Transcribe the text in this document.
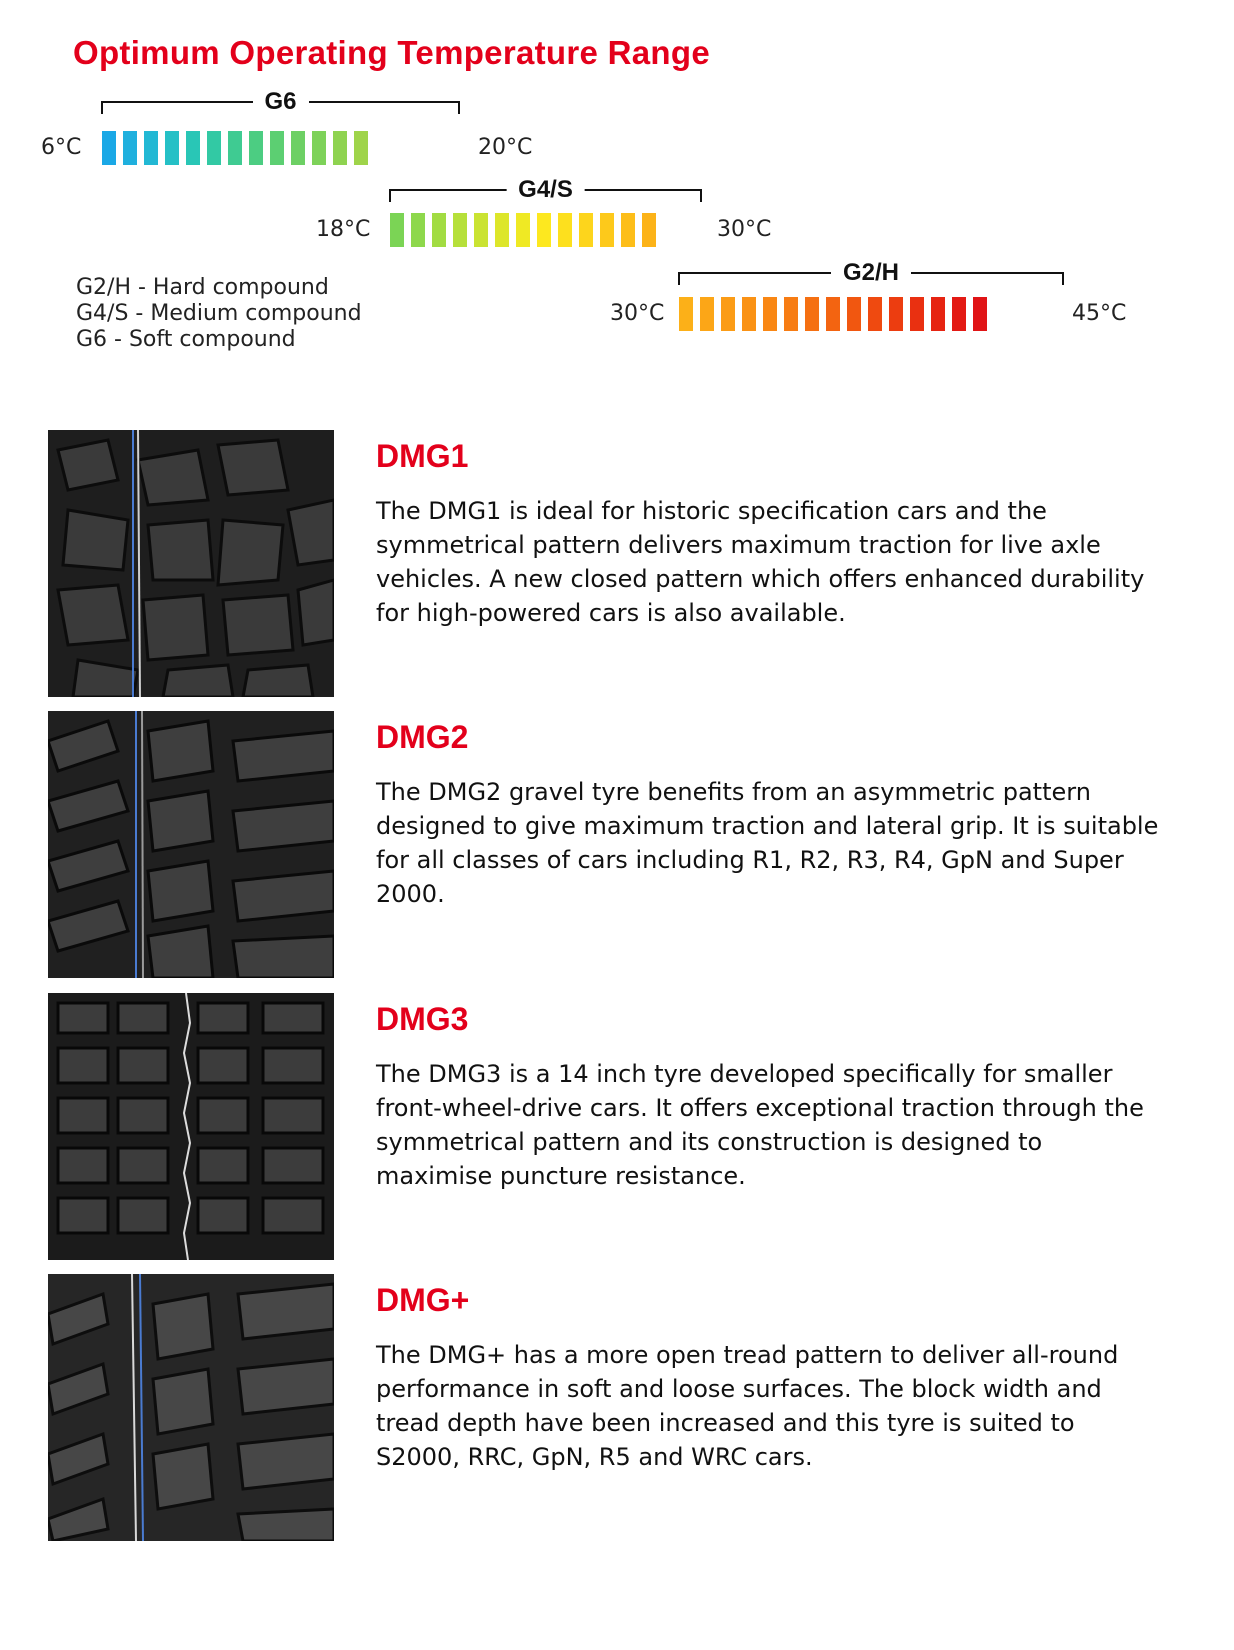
Optimum Operating Temperature Range
G6
6°C	20°C
G4/S
18°C	30°C
G2/H
30°C	45°C
G2/H - Hard compound
G4/S - Medium compound
G6 - Soft compound
DMG1

The DMG1 is ideal for historic specification cars and the symmetrical pattern delivers maximum traction for live axle vehicles. A new closed pattern which offers enhanced durability for high-powered cars is also available.

DMG2

The DMG2 gravel tyre benefits from an asymmetric pattern designed to give maximum traction and lateral grip. It is suitable for all classes of cars including R1, R2, R3, R4, GpN and Super 2000.

DMG3

The DMG3 is a 14 inch tyre developed specifically for smaller front-wheel-drive cars. It offers exceptional traction through the symmetrical pattern and its construction is designed to maximise puncture resistance.

DMG+

The DMG+ has a more open tread pattern to deliver all-round performance in soft and loose surfaces. The block width and tread depth have been increased and this tyre is suited to S2000, RRC, GpN, R5 and WRC cars.
